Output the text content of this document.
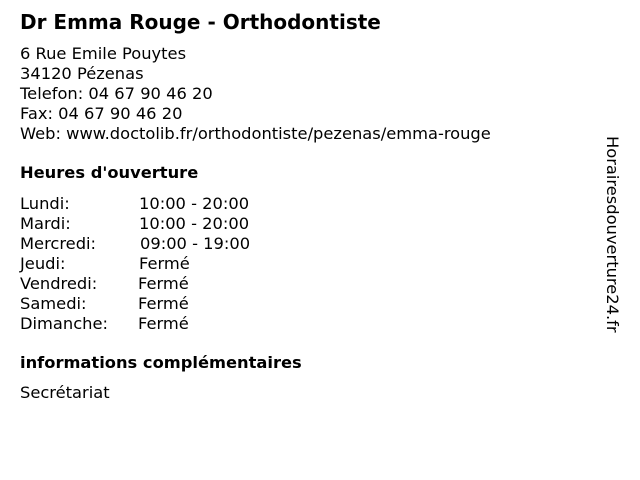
Dr Emma Rouge - Orthodontiste
6 Rue Emile Pouytes
34120 Pézenas
Telefon: 04 67 90 46 20
Fax: 04 67 90 46 20
Web: www.doctolib.fr/orthodontiste/pezenas/emma-rouge
Heures d'ouverture
Lundi:	10:00 - 20:00
Mardi:	10:00 - 20:00
Mercredi:	09:00 - 19:00
Jeudi:	Fermé
Vendredi:	Fermé
Samedi:	Fermé
Dimanche: Fermé
informations complémentaires
Secrétariat
Horairesdouverture24.fr
